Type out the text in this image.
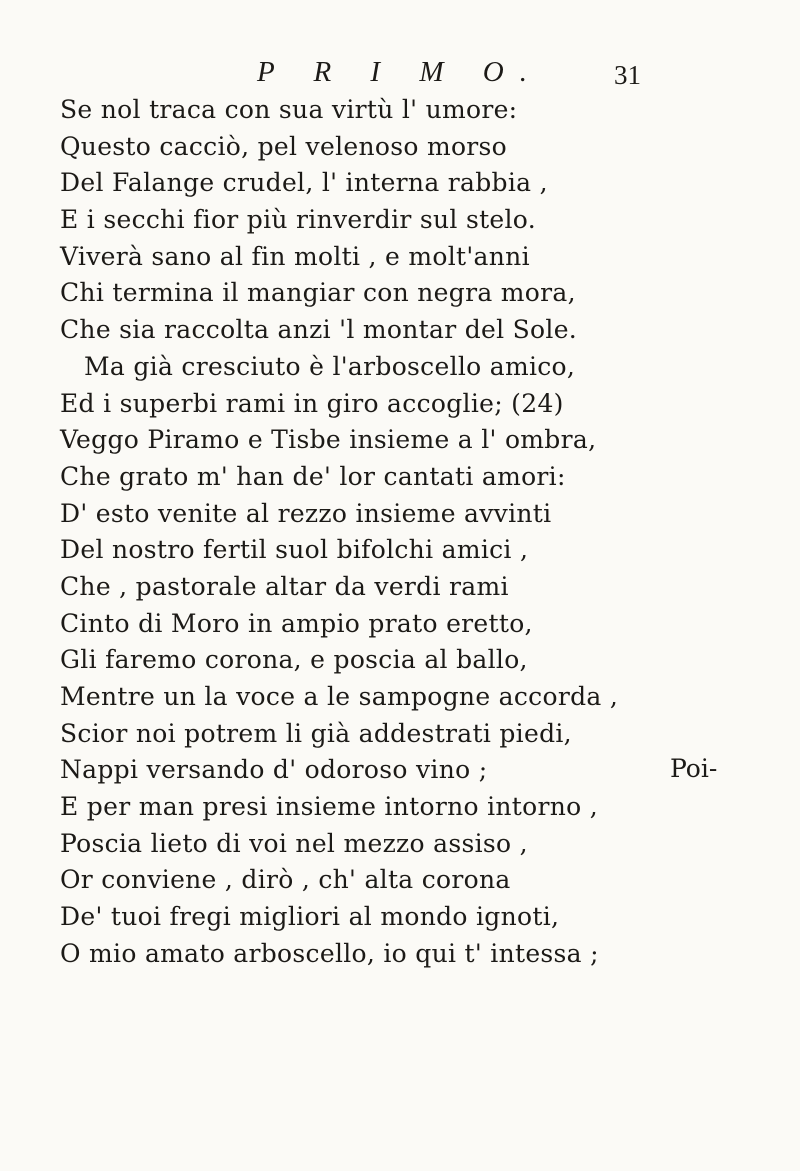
P R I M O.	31
Se nol traca con sua virtù l' umore:
Questo cacciò, pel velenoso morso
Del Falange crudel, l' interna rabbia ,
E i secchi fior più rinverdir sul stelo.
Viverà sano al fin molti , e molt'anni
Chi termina il mangiar con negra mora,
Che sia raccolta anzi 'l montar del Sole.
Ma già cresciuto è l'arboscello amico,
Ed i superbi rami in giro accoglie; (24)
Veggo Piramo e Tisbe insieme a l' ombra,
Che grato m' han de' lor cantati amori:
D' esto venite al rezzo insieme avvinti
Del nostro fertil suol bifolchi amici ,
Che , pastorale altar da verdi rami
Cinto di Moro in ampio prato eretto,
Gli faremo corona, e poscia al ballo,
Mentre un la voce a le sampogne accorda ,
Scior noi potrem li già addestrati piedi,
Nappi versando d' odoroso vino ;
E per man presi insieme intorno intorno ,
Poscia lieto di voi nel mezzo assiso ,
Or conviene , dirò , ch' alta corona
De' tuoi fregi migliori al mondo ignoti,
O mio amato arboscello, io qui t' intessa ;
Poi-
